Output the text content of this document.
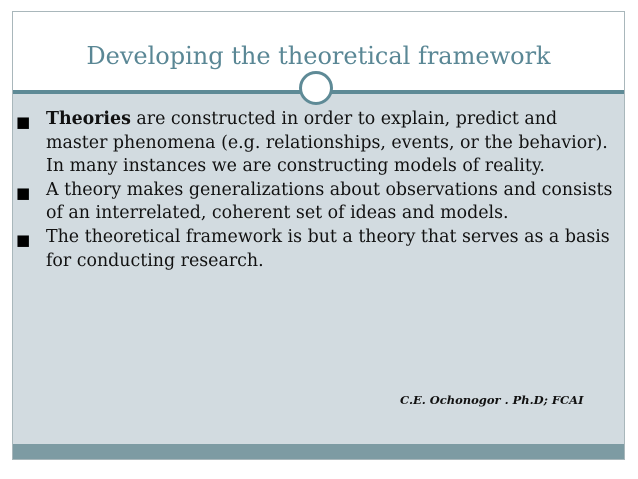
Developing the theoretical framework
■ Theories are constructed in order to explain, predict and master phenomena (e.g. relationships, events, or the behavior). In many instances we are constructing models of reality.
■ A theory makes generalizations about observations and consists of an interrelated, coherent set of ideas and models.
■ The theoretical framework is but a theory that serves as a basis for conducting research.
C.E. Ochonogor . Ph.D; FCAI
